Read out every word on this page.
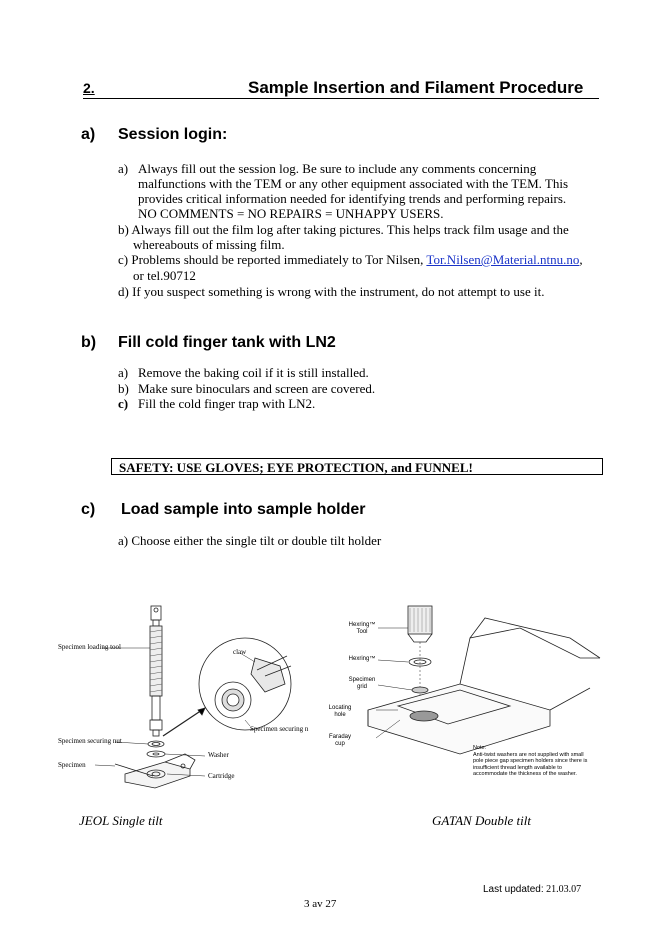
2.	Sample Insertion and Filament Procedure
a) Session login:
a) Always fill out the session log. Be sure to include any comments concerning
malfunctions with the TEM or any other equipment associated with the TEM. This
provides critical information needed for identifying trends and performing repairs.
NO COMMENTS = NO REPAIRS = UNHAPPY USERS.
b) Always fill out the film log after taking pictures. This helps track film usage and the
whereabouts of missing film.
c) Problems should be reported immediately to Tor Nilsen, Tor.Nilsen@Material.ntnu.no,
or tel.90712
d) If you suspect something is wrong with the instrument, do not attempt to use it.
b) Fill cold finger tank with LN2
a) Remove the baking coil if it is still installed.
b) Make sure binoculars and screen are covered.
c) Fill the cold finger trap with LN2.
SAFETY: USE GLOVES; EYE PROTECTION, and FUNNEL!
c) Load sample into sample holder
a) Choose either the single tilt or double tilt holder
Specimen loading tool
claw
Specimen securing n
Specimen securing nut
Washer
Specimen
Cartridge
Hexring™ Tool
Hexring™
Specimen grid
Locating hole
Faraday cup
Note:
Anti-twist washers are not supplied with small
pole piece gap specimen holders since there is
insufficient thread length available to
accommodate the thickness of the washer.
JEOL Single tilt	GATAN Double tilt
Last updated: 21.03.07
3 av 27
